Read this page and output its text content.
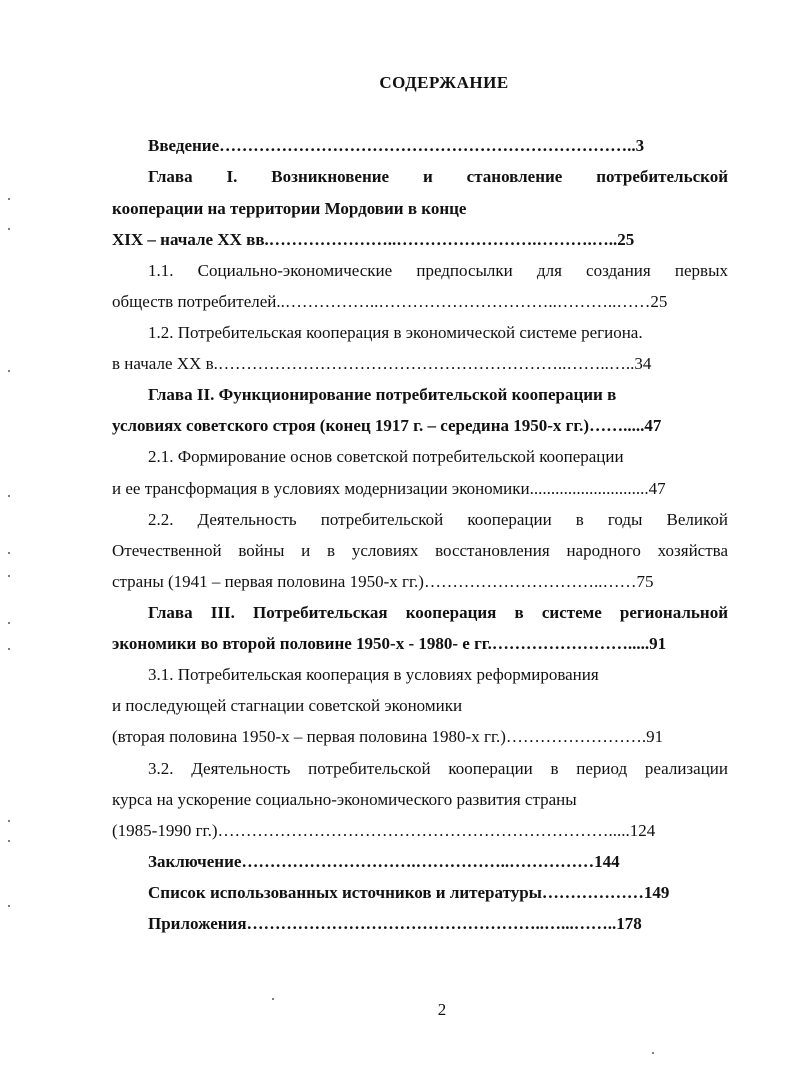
СОДЕРЖАНИЕ
Введение………………………………………………………………..3
Глава I. Возникновение и становление потребительской
кооперации на территории Мордовии в конце
XIX – начале XX вв.…………………..…………………….……….…..25
1.1. Социально-экономические предпосылки для создания первых
обществ потребителей..……………..…………………………..………..……25
1.2. Потребительская кооперация в экономической системе региона.
в начале XX в.……………………………………………………..……..…..34
Глава II. Функционирование потребительской кооперации в
условиях советского строя (конец 1917 г. – середина 1950-х гг.)…….....47
2.1. Формирование основ советской потребительской кооперации
и ее трансформация в условиях модернизации экономики............................47
2.2. Деятельность потребительской кооперации в годы Великой
Отечественной войны и в условиях восстановления народного хозяйства
страны (1941 – первая половина 1950-х гг.)…………………………..……75
Глава III. Потребительская кооперация в системе региональной
экономики во второй половине 1950-х - 1980- е гг.…………………….....91
3.1. Потребительская кооперация в условиях реформирования
и последующей стагнации советской экономики
(вторая половина 1950-х – первая половина 1980-х гг.)…………………….91
3.2. Деятельность потребительской кооперации в период реализации
курса на ускорение социально-экономического развития страны
(1985-1990 гг.)…………………………………………………………….....124
Заключение………………………….……………..……………144
Список использованных источников и литературы………………149
Приложения……………………………………………..…...……..178
2
